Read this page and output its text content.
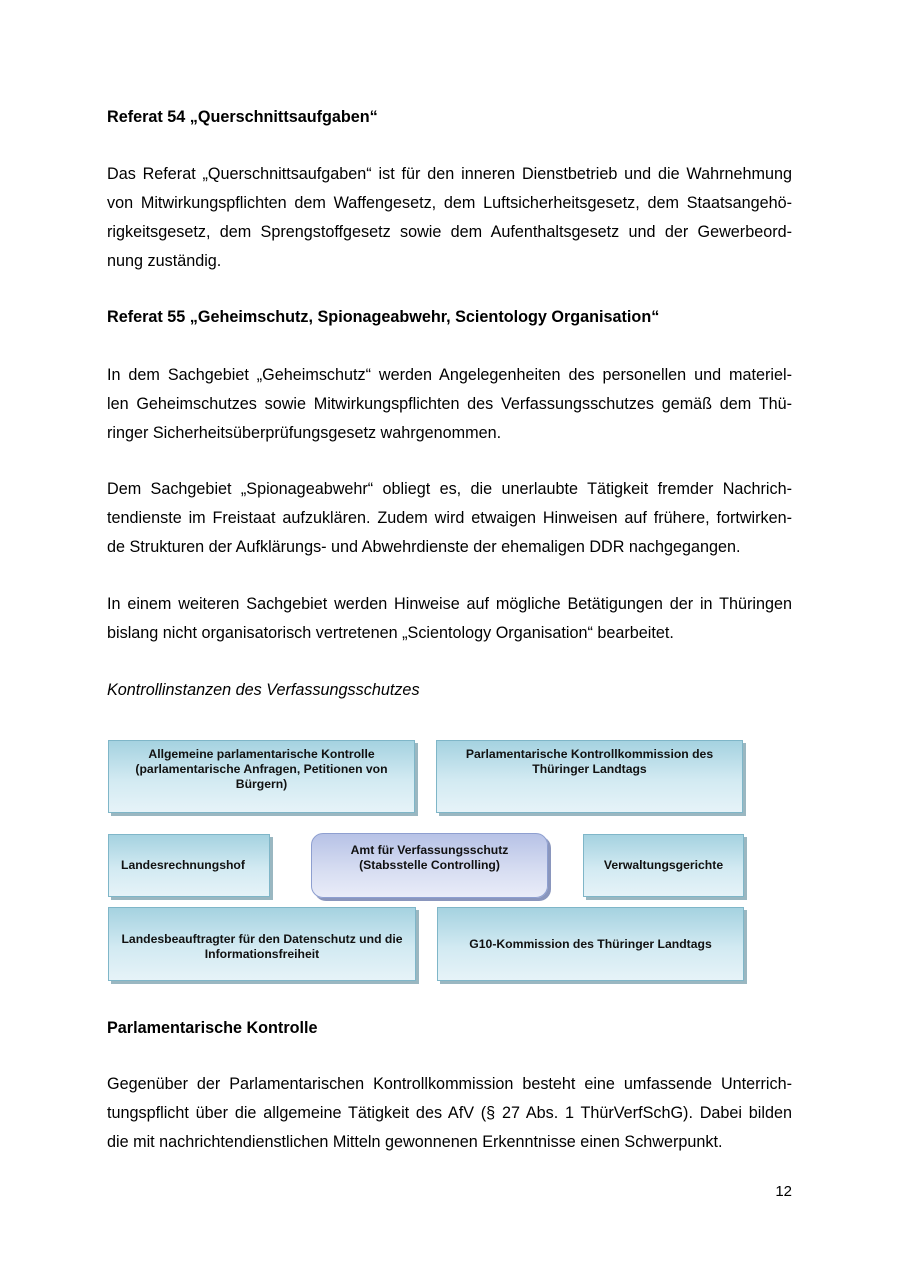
Referat 54 „Querschnittsaufgaben“

Das Referat „Querschnittsaufgaben“ ist für den inneren Dienstbetrieb und die Wahrnehmung
von Mitwirkungspflichten dem Waffengesetz, dem Luftsicherheitsgesetz, dem Staatsangehö-
rigkeitsgesetz, dem Sprengstoffgesetz sowie dem Aufenthaltsgesetz und der Gewerbeord-
nung zuständig.

Referat 55 „Geheimschutz, Spionageabwehr, Scientology Organisation“

In dem Sachgebiet „Geheimschutz“ werden Angelegenheiten des personellen und materiel-
len Geheimschutzes sowie Mitwirkungspflichten des Verfassungsschutzes gemäß dem Thü-
ringer Sicherheitsüberprüfungsgesetz wahrgenommen.

Dem Sachgebiet „Spionageabwehr“ obliegt es, die unerlaubte Tätigkeit fremder Nachrich-
tendienste im Freistaat aufzuklären. Zudem wird etwaigen Hinweisen auf frühere, fortwirken-
de Strukturen der Aufklärungs- und Abwehrdienste der ehemaligen DDR nachgegangen.

In einem weiteren Sachgebiet werden Hinweise auf mögliche Betätigungen der in Thüringen
bislang nicht organisatorisch vertretenen „Scientology Organisation“ bearbeitet.

Kontrollinstanzen des Verfassungsschutzes
Allgemeine parlamentarische Kontrolle (parlamentarische Anfragen, Petitionen von Bürgern)
Parlamentarische Kontrollkommission des Thüringer Landtags
Landesrechnungshof
Amt für Verfassungsschutz (Stabsstelle Controlling)	Verwaltungsgerichte
Landesbeauftragter für den Datenschutz und die Informationsfreiheit
G10-Kommission des Thüringer Landtags
Parlamentarische Kontrolle

Gegenüber der Parlamentarischen Kontrollkommission besteht eine umfassende Unterrich-
tungspflicht über die allgemeine Tätigkeit des AfV (§ 27 Abs. 1 ThürVerfSchG). Dabei bilden
die mit nachrichtendienstlichen Mitteln gewonnenen Erkenntnisse einen Schwerpunkt.

12
